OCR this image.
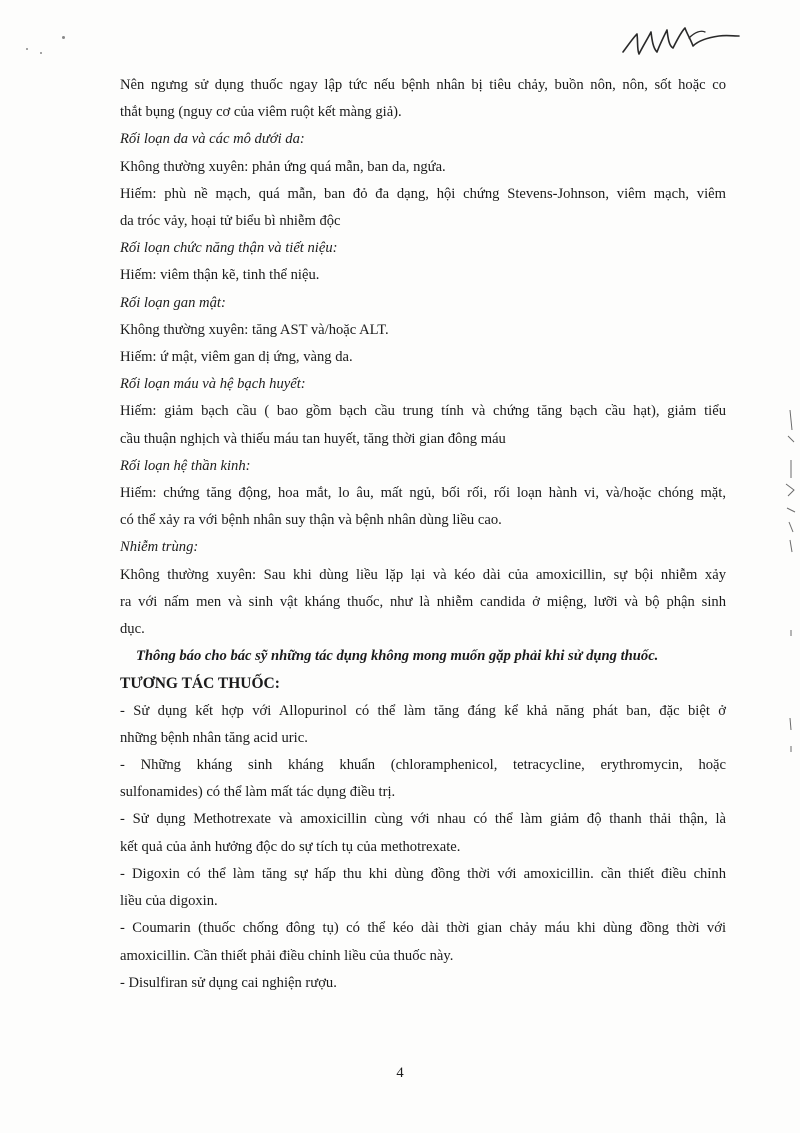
Nên ngưng sử dụng thuốc ngay lập tức nếu bệnh nhân bị tiêu chảy, buồn nôn, nôn, sốt hoặc co

thắt bụng (nguy cơ của viêm ruột kết màng giả).

Rối loạn da và các mô dưới da:

Không thường xuyên: phản ứng quá mẫn, ban da, ngứa.

Hiếm: phù nề mạch, quá mẫn, ban đỏ đa dạng, hội chứng Stevens-Johnson, viêm mạch, viêm

da tróc vảy, hoại tử biểu bì nhiễm độc

Rối loạn chức năng thận và tiết niệu:

Hiếm: viêm thận kẽ, tinh thể niệu.

Rối loạn gan mật:

Không thường xuyên: tăng AST và/hoặc ALT.

Hiếm: ứ mật, viêm gan dị ứng, vàng da.

Rối loạn máu và hệ bạch huyết:

Hiếm: giảm bạch cầu ( bao gồm bạch cầu trung tính và chứng tăng bạch cầu hạt), giảm tiểu

cầu thuận nghịch và thiếu máu tan huyết, tăng thời gian đông máu

Rối loạn hệ thần kinh:

Hiếm: chứng tăng động, hoa mắt, lo âu, mất ngủ, bối rối, rối loạn hành vi, và/hoặc chóng mặt,

có thể xảy ra với bệnh nhân suy thận và bệnh nhân dùng liều cao.

Nhiễm trùng:

Không thường xuyên: Sau khi dùng liều lặp lại và kéo dài của amoxicillin, sự bội nhiễm xảy

ra với nấm men và sinh vật kháng thuốc, như là nhiễm candida ở miệng, lưỡi và bộ phận sinh

dục.

Thông báo cho bác sỹ những tác dụng không mong muốn gặp phải khi sử dụng thuốc.

TƯƠNG TÁC THUỐC:

- Sử dụng kết hợp với Allopurinol có thể làm tăng đáng kể khả năng phát ban, đặc biệt ở

những bệnh nhân tăng acid uric.

- Những kháng sinh kháng khuẩn (chloramphenicol, tetracycline, erythromycin, hoặc

sulfonamides) có thể làm mất tác dụng điều trị.

- Sử dụng Methotrexate và amoxicillin cùng với nhau có thể làm giảm độ thanh thải thận, là

kết quả của ảnh hưởng độc do sự tích tụ của methotrexate.

- Digoxin có thể làm tăng sự hấp thu khi dùng đồng thời với amoxicillin. cần thiết điều chỉnh

liều của digoxin.

- Coumarin (thuốc chống đông tụ) có thể kéo dài thời gian chảy máu khi dùng đồng thời với

amoxicillin. Cần thiết phải điều chỉnh liều của thuốc này.

- Disulfiran sử dụng cai nghiện rượu.

4
